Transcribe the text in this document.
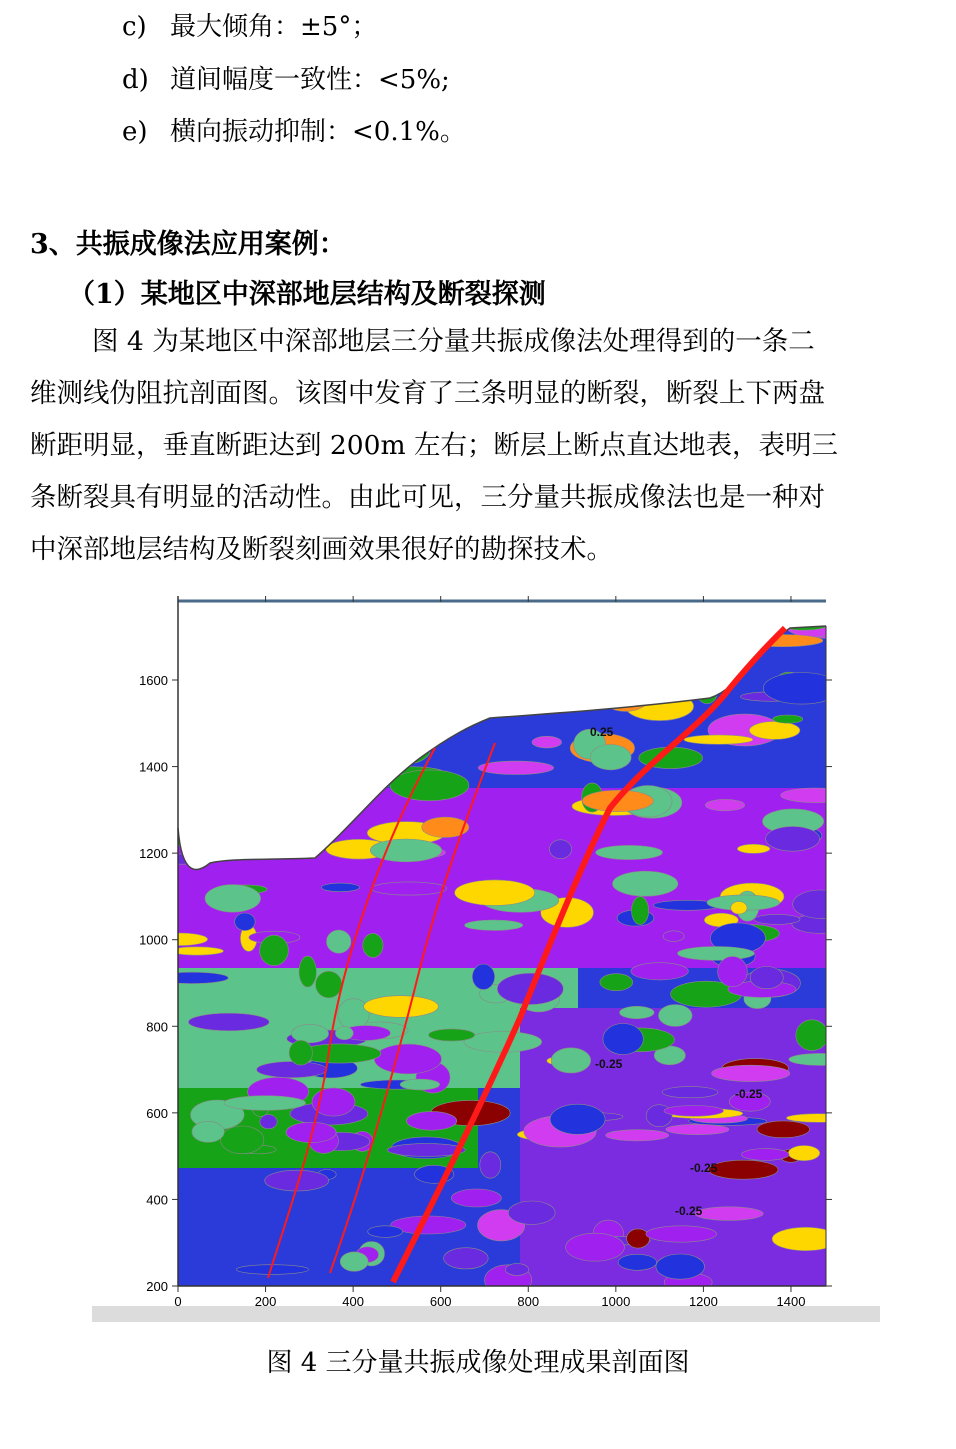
c) 最大倾角：±5°；
d) 道间幅度一致性：<5%;
e) 横向振动抑制：<0.1%。
3、共振成像法应用案例：
（1）某地区中深部地层结构及断裂探测
图 4 为某地区中深部地层三分量共振成像法处理得到的一条二
维测线伪阻抗剖面图。该图中发育了三条明显的断裂，断裂上下两盘
断距明显，垂直断距达到 200m 左右；断层上断点直达地表，表明三
条断裂具有明显的活动性。由此可见，三分量共振成像法也是一种对
中深部地层结构及断裂刻画效果很好的勘探技术。
-0.25
-0.25
-0.25
-0.25
0.25
0	200	400	600	800	1000	1200	1400
200
400
600
800
1000
1200
1400
1600
图 4 三分量共振成像处理成果剖面图
